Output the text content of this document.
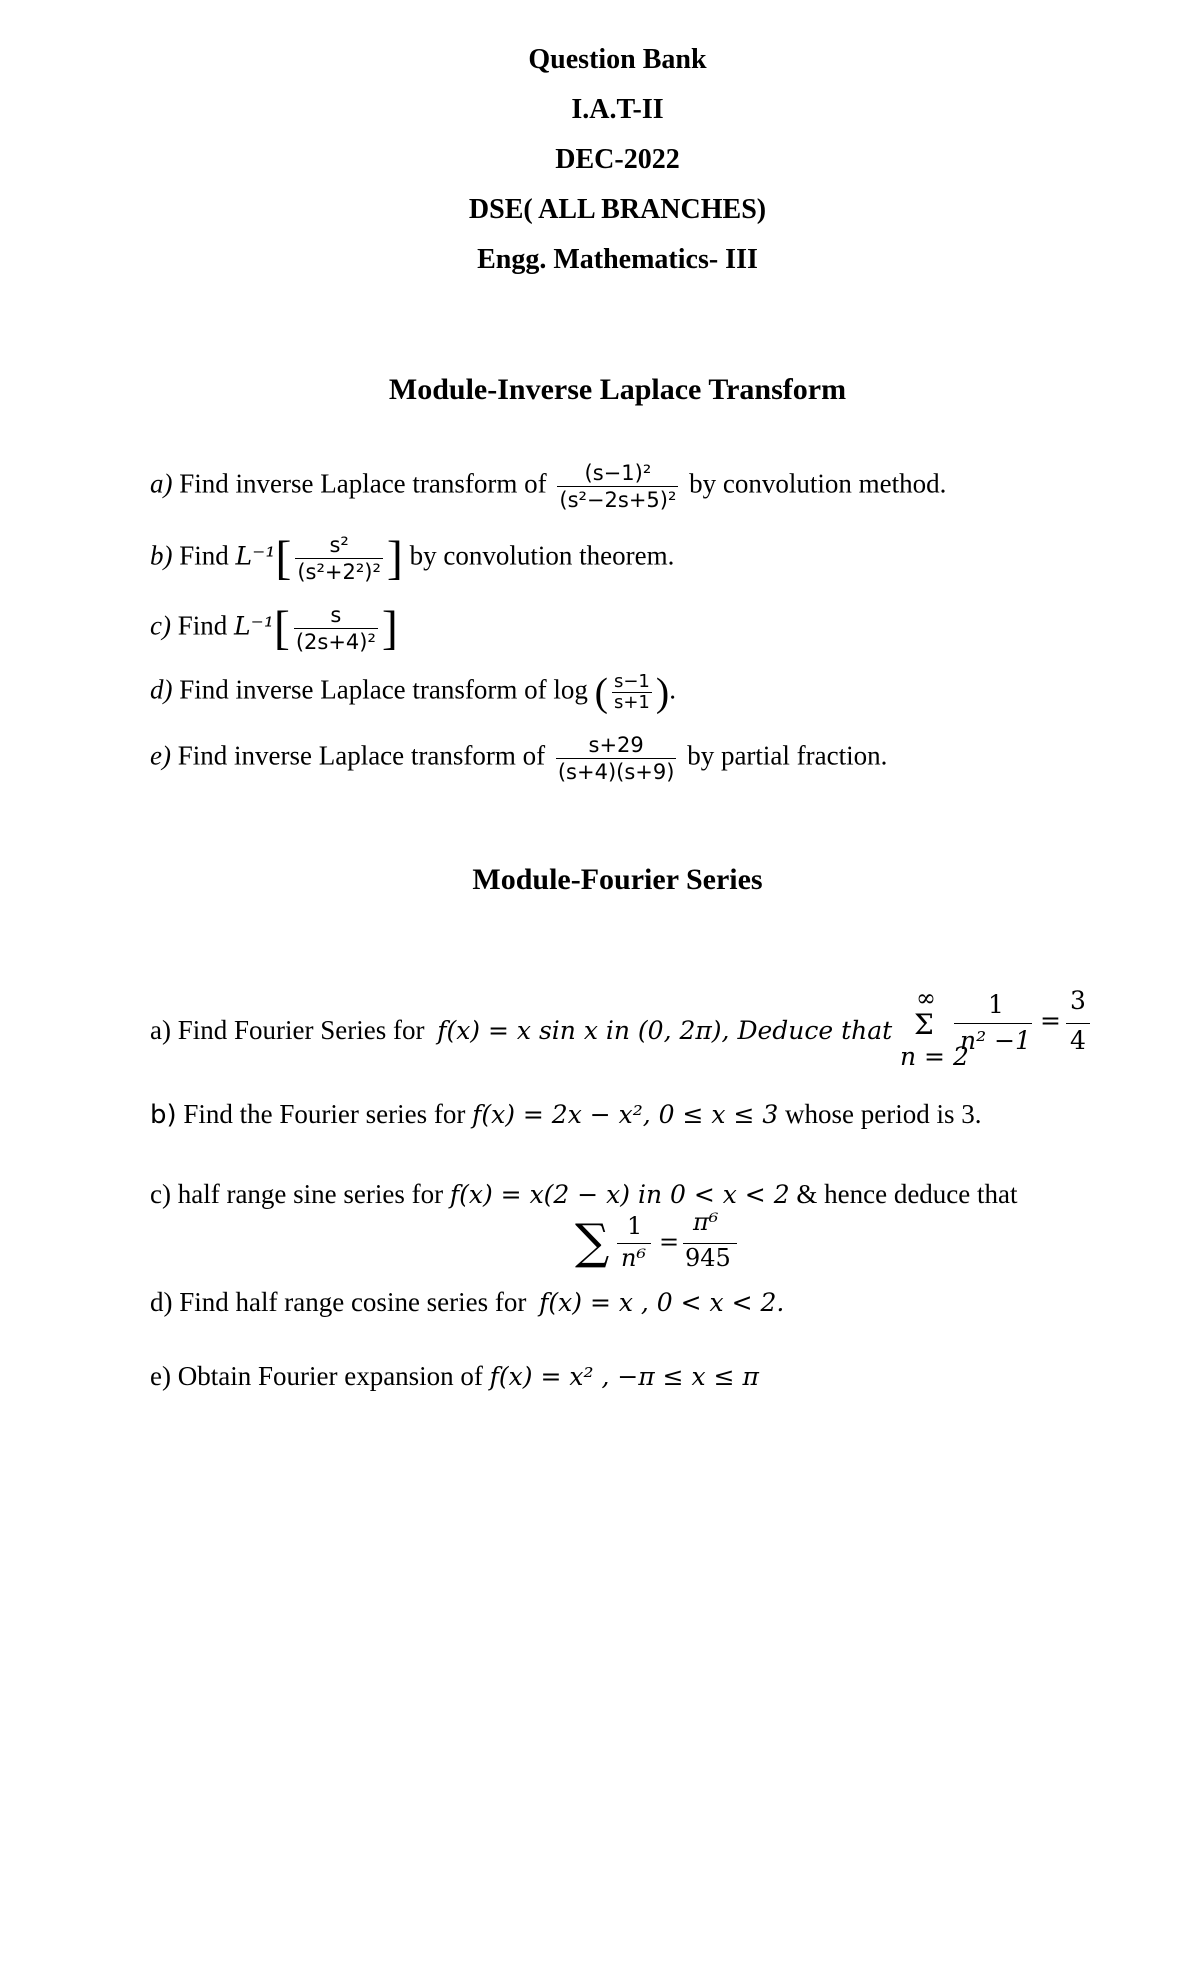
Question Bank
I.A.T-II
DEC-2022
DSE( ALL BRANCHES)
Engg. Mathematics- III
Module-Inverse Laplace Transform
a) Find inverse Laplace transform of $\frac{\text{(s−1)²}}{\text{(s²−2s+5)²}}$ by convolution method.
b) Find $L^{-1}[ \frac{\text{s²}}{\text{(s²+2²)²}}$ ] by convolution theorem.
c) Find $L^{-1}[ \frac{s}{\text{(2s+4)²}}$ ]
d) Find inverse Laplace transform of log ( $\frac{s-1}{s+1}$ ).
e) Find inverse Laplace transform of $\frac{s+29}{(s+4)(s+9)}$ by partial fraction.
Module-Fourier Series
a) Find Fourier Series for f(x) = x sin x in (0, 2π), Deduce that
∞
Σ
n = 2
1
n² −1
=
3
4
b) Find the Fourier series for f(x) = 2x − x², 0 ≤ x ≤ 3 whose period is 3.
c) half range sine series for f(x) = x(2 − x) in 0 < x < 2 & hence deduce that
∑ 1
n⁶
=
π⁶
945
d) Find half range cosine series for f(x) = x , 0 < x < 2.
e) Obtain Fourier expansion of f(x) = x² , −π ≤ x ≤ π
